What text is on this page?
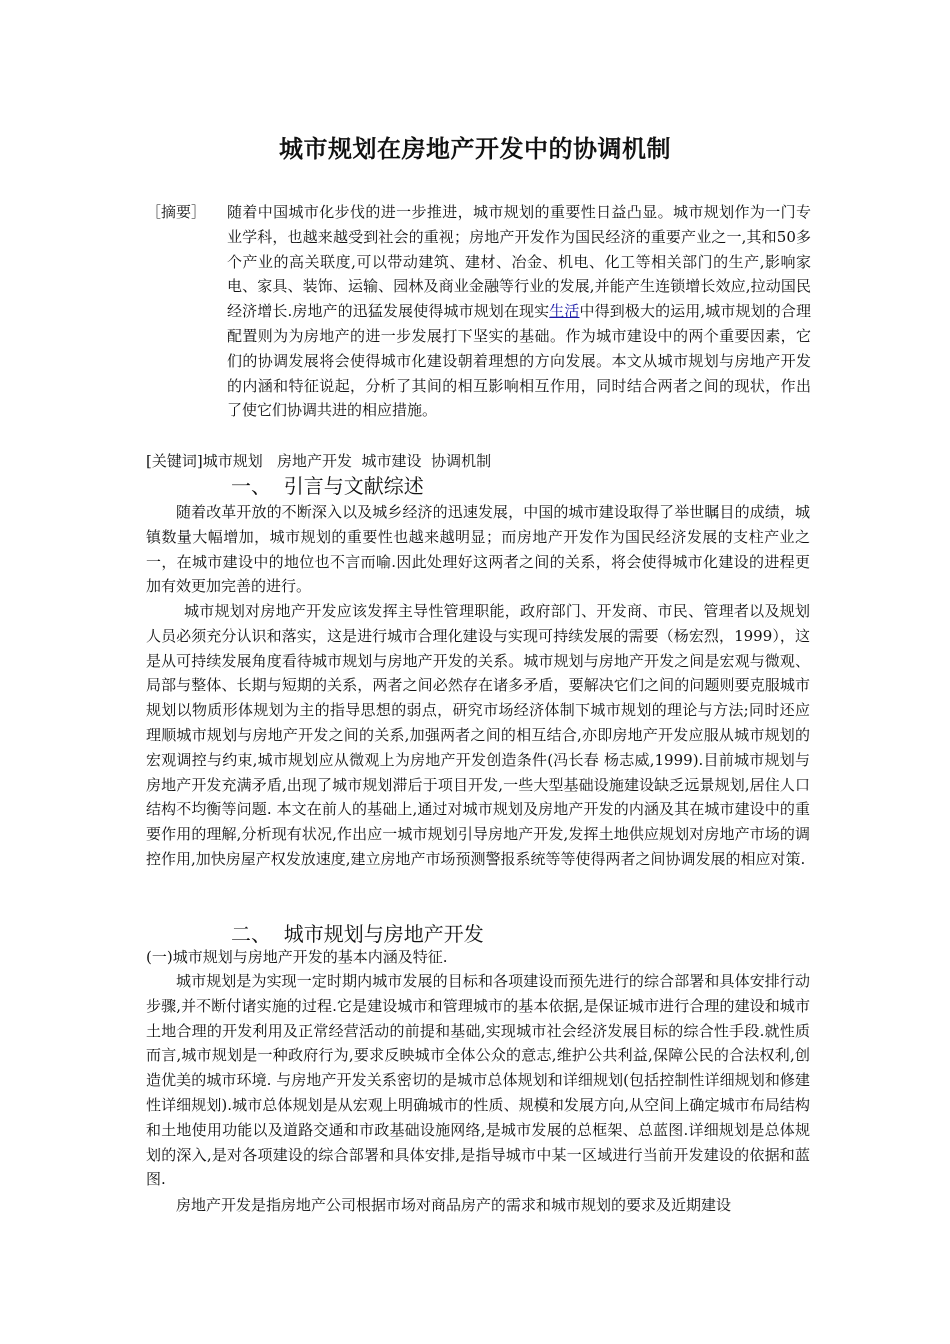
城市规划在房地产开发中的协调机制
［摘要］ 随着中国城市化步伐的进一步推进，城市规划的重要性日益凸显。城市规划作为一门专业学科，也越来越受到社会的重视；房地产开发作为国民经济的重要产业之一,其和50多个产业的高关联度,可以带动建筑、建材、冶金、机电、化工等相关部门的生产,影响家电、家具、装饰、运输、园林及商业金融等行业的发展,并能产生连锁增长效应,拉动国民经济增长.房地产的迅猛发展使得城市规划在现实生活中得到极大的运用,城市规划的合理配置则为为房地产的进一步发展打下坚实的基础。作为城市建设中的两个重要因素，它们的协调发展将会使得城市化建设朝着理想的方向发展。本文从城市规划与房地产开发的内涵和特征说起，分析了其间的相互影响相互作用，同时结合两者之间的现状，作出了使它们协调共进的相应措施。
[关键词]城市规划   房地产开发  城市建设  协调机制
一、  引言与文献综述

随着改革开放的不断深入以及城乡经济的迅速发展，中国的城市建设取得了举世瞩目的成绩，城镇数量大幅增加，城市规划的重要性也越来越明显；而房地产开发作为国民经济发展的支柱产业之一，在城市建设中的地位也不言而喻.因此处理好这两者之间的关系，将会使得城市化建设的进程更加有效更加完善的进行。

城市规划对房地产开发应该发挥主导性管理职能，政府部门、开发商、市民、管理者以及规划人员必须充分认识和落实，这是进行城市合理化建设与实现可持续发展的需要（杨宏烈，1999），这是从可持续发展角度看待城市规划与房地产开发的关系。城市规划与房地产开发之间是宏观与微观、局部与整体、长期与短期的关系，两者之间必然存在诸多矛盾，要解决它们之间的问题则要克服城市规划以物质形体规划为主的指导思想的弱点，研究市场经济体制下城市规划的理论与方法;同时还应理顺城市规划与房地产开发之间的关系,加强两者之间的相互结合,亦即房地产开发应服从城市规划的宏观调控与约束,城市规划应从微观上为房地产开发创造条件(冯长春 杨志威,1999).目前城市规划与房地产开发充满矛盾,出现了城市规划滞后于项目开发,一些大型基础设施建设缺乏远景规划,居住人口结构不均衡等问题. 本文在前人的基础上,通过对城市规划及房地产开发的内涵及其在城市建设中的重要作用的理解,分析现有状况,作出应一城市规划引导房地产开发,发挥土地供应规划对房地产市场的调控作用,加快房屋产权发放速度,建立房地产市场预测警报系统等等使得两者之间协调发展的相应对策.

二、  城市规划与房地产开发
(一)城市规划与房地产开发的基本内涵及特征.

城市规划是为实现一定时期内城市发展的目标和各项建设而预先进行的综合部署和具体安排行动步骤,并不断付诸实施的过程.它是建设城市和管理城市的基本依据,是保证城市进行合理的建设和城市土地合理的开发利用及正常经营活动的前提和基础,实现城市社会经济发展目标的综合性手段.就性质而言,城市规划是一种政府行为,要求反映城市全体公众的意志,维护公共利益,保障公民的合法权利,创造优美的城市环境. 与房地产开发关系密切的是城市总体规划和详细规划(包括控制性详细规划和修建性详细规划).城市总体规划是从宏观上明确城市的性质、规模和发展方向,从空间上确定城市布局结构和土地使用功能以及道路交通和市政基础设施网络,是城市发展的总框架、总蓝图.详细规划是总体规划的深入,是对各项建设的综合部署和具体安排,是指导城市中某一区域进行当前开发建设的依据和蓝图.

房地产开发是指房地产公司根据市场对商品房产的需求和城市规划的要求及近期建设
